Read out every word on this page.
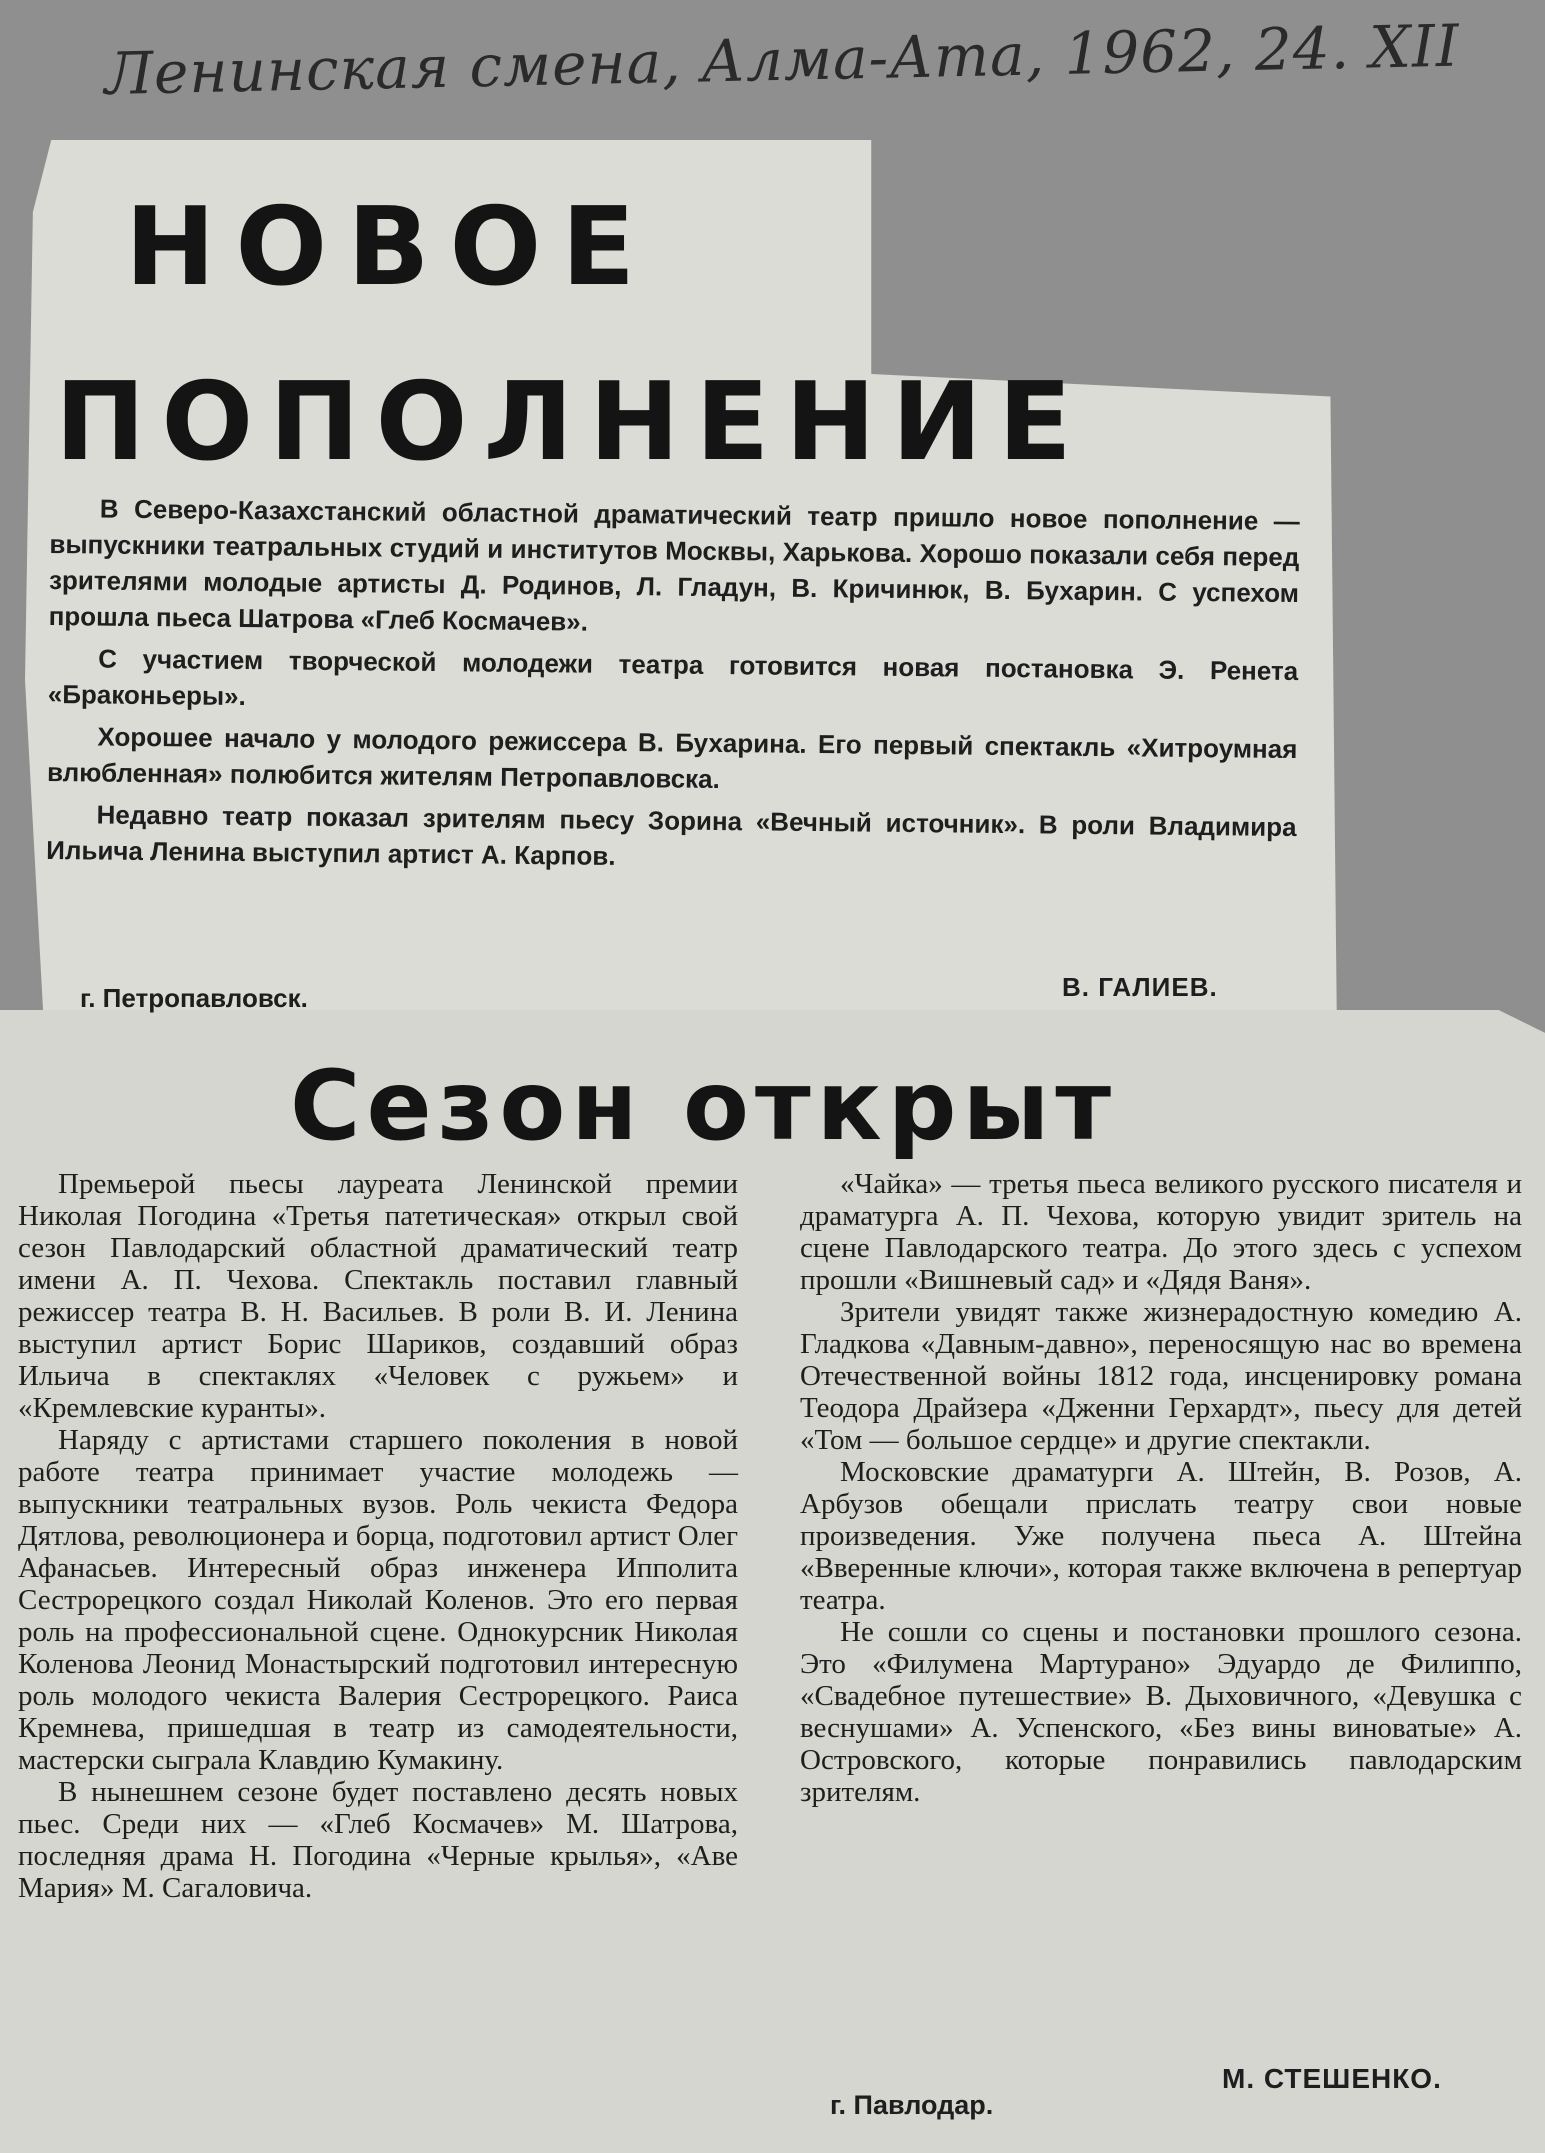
Ленинская смена, Алма-Ата, 1962, 24. XII
НОВОЕ
ПОПОЛНЕНИЕ

В Северо-Казахстанский областной драматический театр пришло новое пополнение — выпускники театральных студий и институтов Москвы, Харькова. Хорошо показали себя перед зрителями молодые артисты Д. Родинов, Л. Гладун, В. Кричинюк, В. Бухарин. С успехом прошла пьеса Шатрова «Глеб Космачев».

С участием творческой молодежи театра готовится новая постановка Э. Ренета «Браконьеры».

Хорошее начало у молодого режиссера В. Бухарина. Его первый спектакль «Хитроумная влюбленная» полюбится жителям Петропавловска.

Недавно театр показал зрителям пьесу Зорина «Вечный источник». В роли Владимира Ильича Ленина выступил артист А. Карпов.

г. Петропавловск.	В. ГАЛИЕВ.
Сезон открыт

Премьерой пьесы лауреата Ленинской премии Николая Погодина «Третья патетическая» открыл свой сезон Павлодарский областной драматический театр имени А. П. Чехова. Спектакль поставил главный режиссер театра В. Н. Васильев. В роли В. И. Ленина выступил артист Борис Шариков, создавший образ Ильича в спектаклях «Человек с ружьем» и «Кремлевские куранты».

Наряду с артистами старшего поколения в новой работе театра принимает участие молодежь — выпускники театральных вузов. Роль чекиста Федора Дятлова, революционера и борца, подготовил артист Олег Афанасьев. Интересный образ инженера Ипполита Сестрорецкого создал Николай Коленов. Это его первая роль на профессиональной сцене. Однокурсник Николая Коленова Леонид Монастырский подготовил интересную роль молодого чекиста Валерия Сестрорецкого. Раиса Кремнева, пришедшая в театр из самодеятельности, мастерски сыграла Клавдию Кумакину.

В нынешнем сезоне будет поставлено десять новых пьес. Среди них — «Глеб Космачев» М. Шатрова, последняя драма Н. Погодина «Черные крылья», «Аве Мария» М. Сагаловича.

«Чайка» — третья пьеса великого русского писателя и драматурга А. П. Чехова, которую увидит зритель на сцене Павлодарского театра. До этого здесь с успехом прошли «Вишневый сад» и «Дядя Ваня».

Зрители увидят также жизнерадостную комедию А. Гладкова «Давным-давно», переносящую нас во времена Отечественной войны 1812 года, инсценировку романа Теодора Драйзера «Дженни Герхардт», пьесу для детей «Том — большое сердце» и другие спектакли.

Московские драматурги А. Штейн, В. Розов, А. Арбузов обещали прислать театру свои новые произведения. Уже получена пьеса А. Штейна «Вверенные ключи», которая также включена в репертуар театра.

Не сошли со сцены и постановки прошлого сезона. Это «Филумена Мартурано» Эдуардо де Филиппо, «Свадебное путешествие» В. Дыховичного, «Девушка с веснушами» А. Успенского, «Без вины виноватые» А. Островского, которые понравились павлодарским зрителям.

М. СТЕШЕНКО.
г. Павлодар.
